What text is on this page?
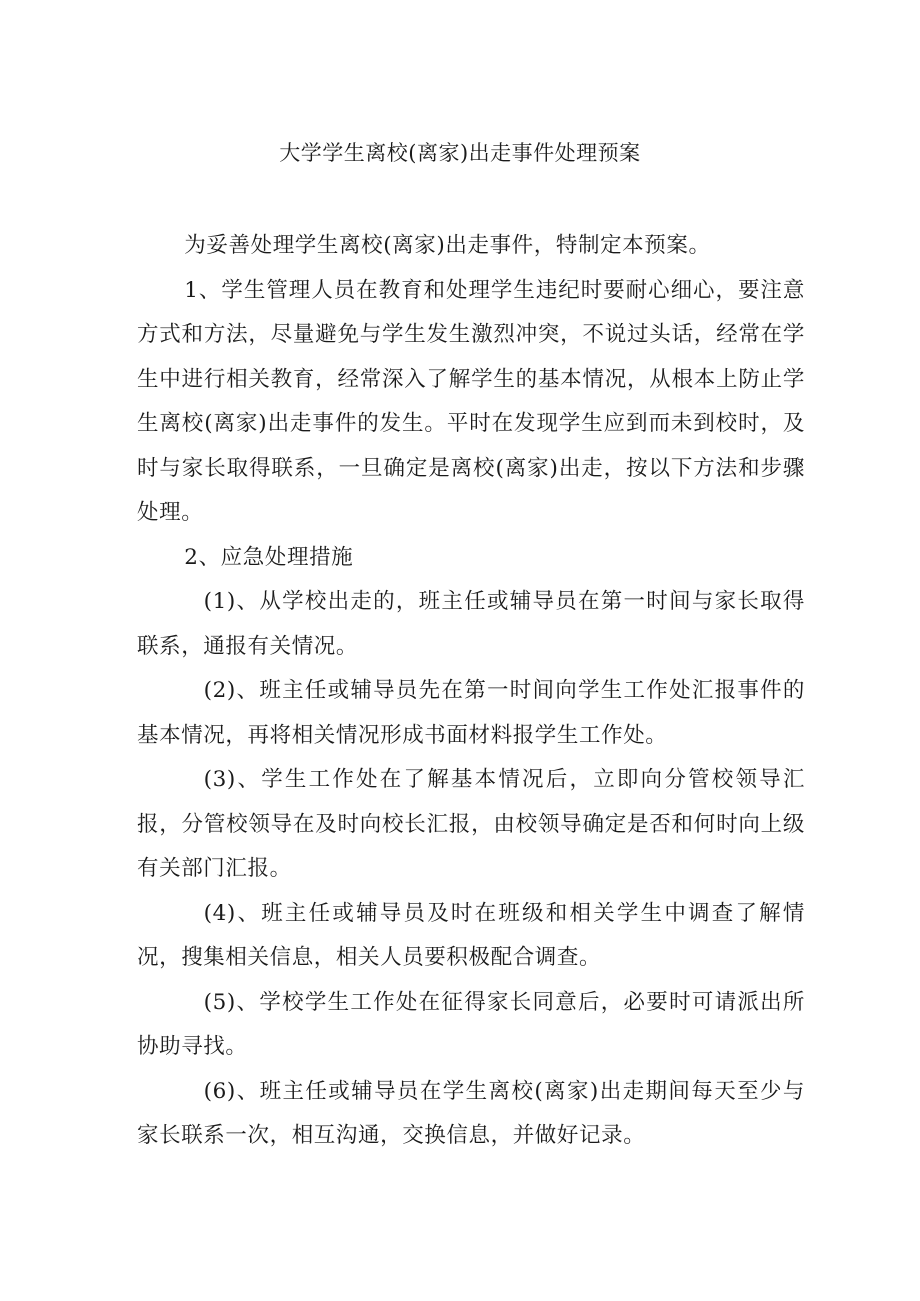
大学学生离校(离家)出走事件处理预案

为妥善处理学生离校(离家)出走事件，特制定本预案。

1、学生管理人员在教育和处理学生违纪时要耐心细心，要注意方式和方法，尽量避免与学生发生激烈冲突，不说过头话，经常在学生中进行相关教育，经常深入了解学生的基本情况，从根本上防止学生离校(离家)出走事件的发生。平时在发现学生应到而未到校时，及时与家长取得联系，一旦确定是离校(离家)出走，按以下方法和步骤处理。

2、应急处理措施

(1)、从学校出走的，班主任或辅导员在第一时间与家长取得联系，通报有关情况。

(2)、班主任或辅导员先在第一时间向学生工作处汇报事件的基本情况，再将相关情况形成书面材料报学生工作处。

(3)、学生工作处在了解基本情况后，立即向分管校领导汇报，分管校领导在及时向校长汇报，由校领导确定是否和何时向上级有关部门汇报。

(4)、班主任或辅导员及时在班级和相关学生中调查了解情况，搜集相关信息，相关人员要积极配合调查。

(5)、学校学生工作处在征得家长同意后，必要时可请派出所协助寻找。

(6)、班主任或辅导员在学生离校(离家)出走期间每天至少与家长联系一次，相互沟通，交换信息，并做好记录。
